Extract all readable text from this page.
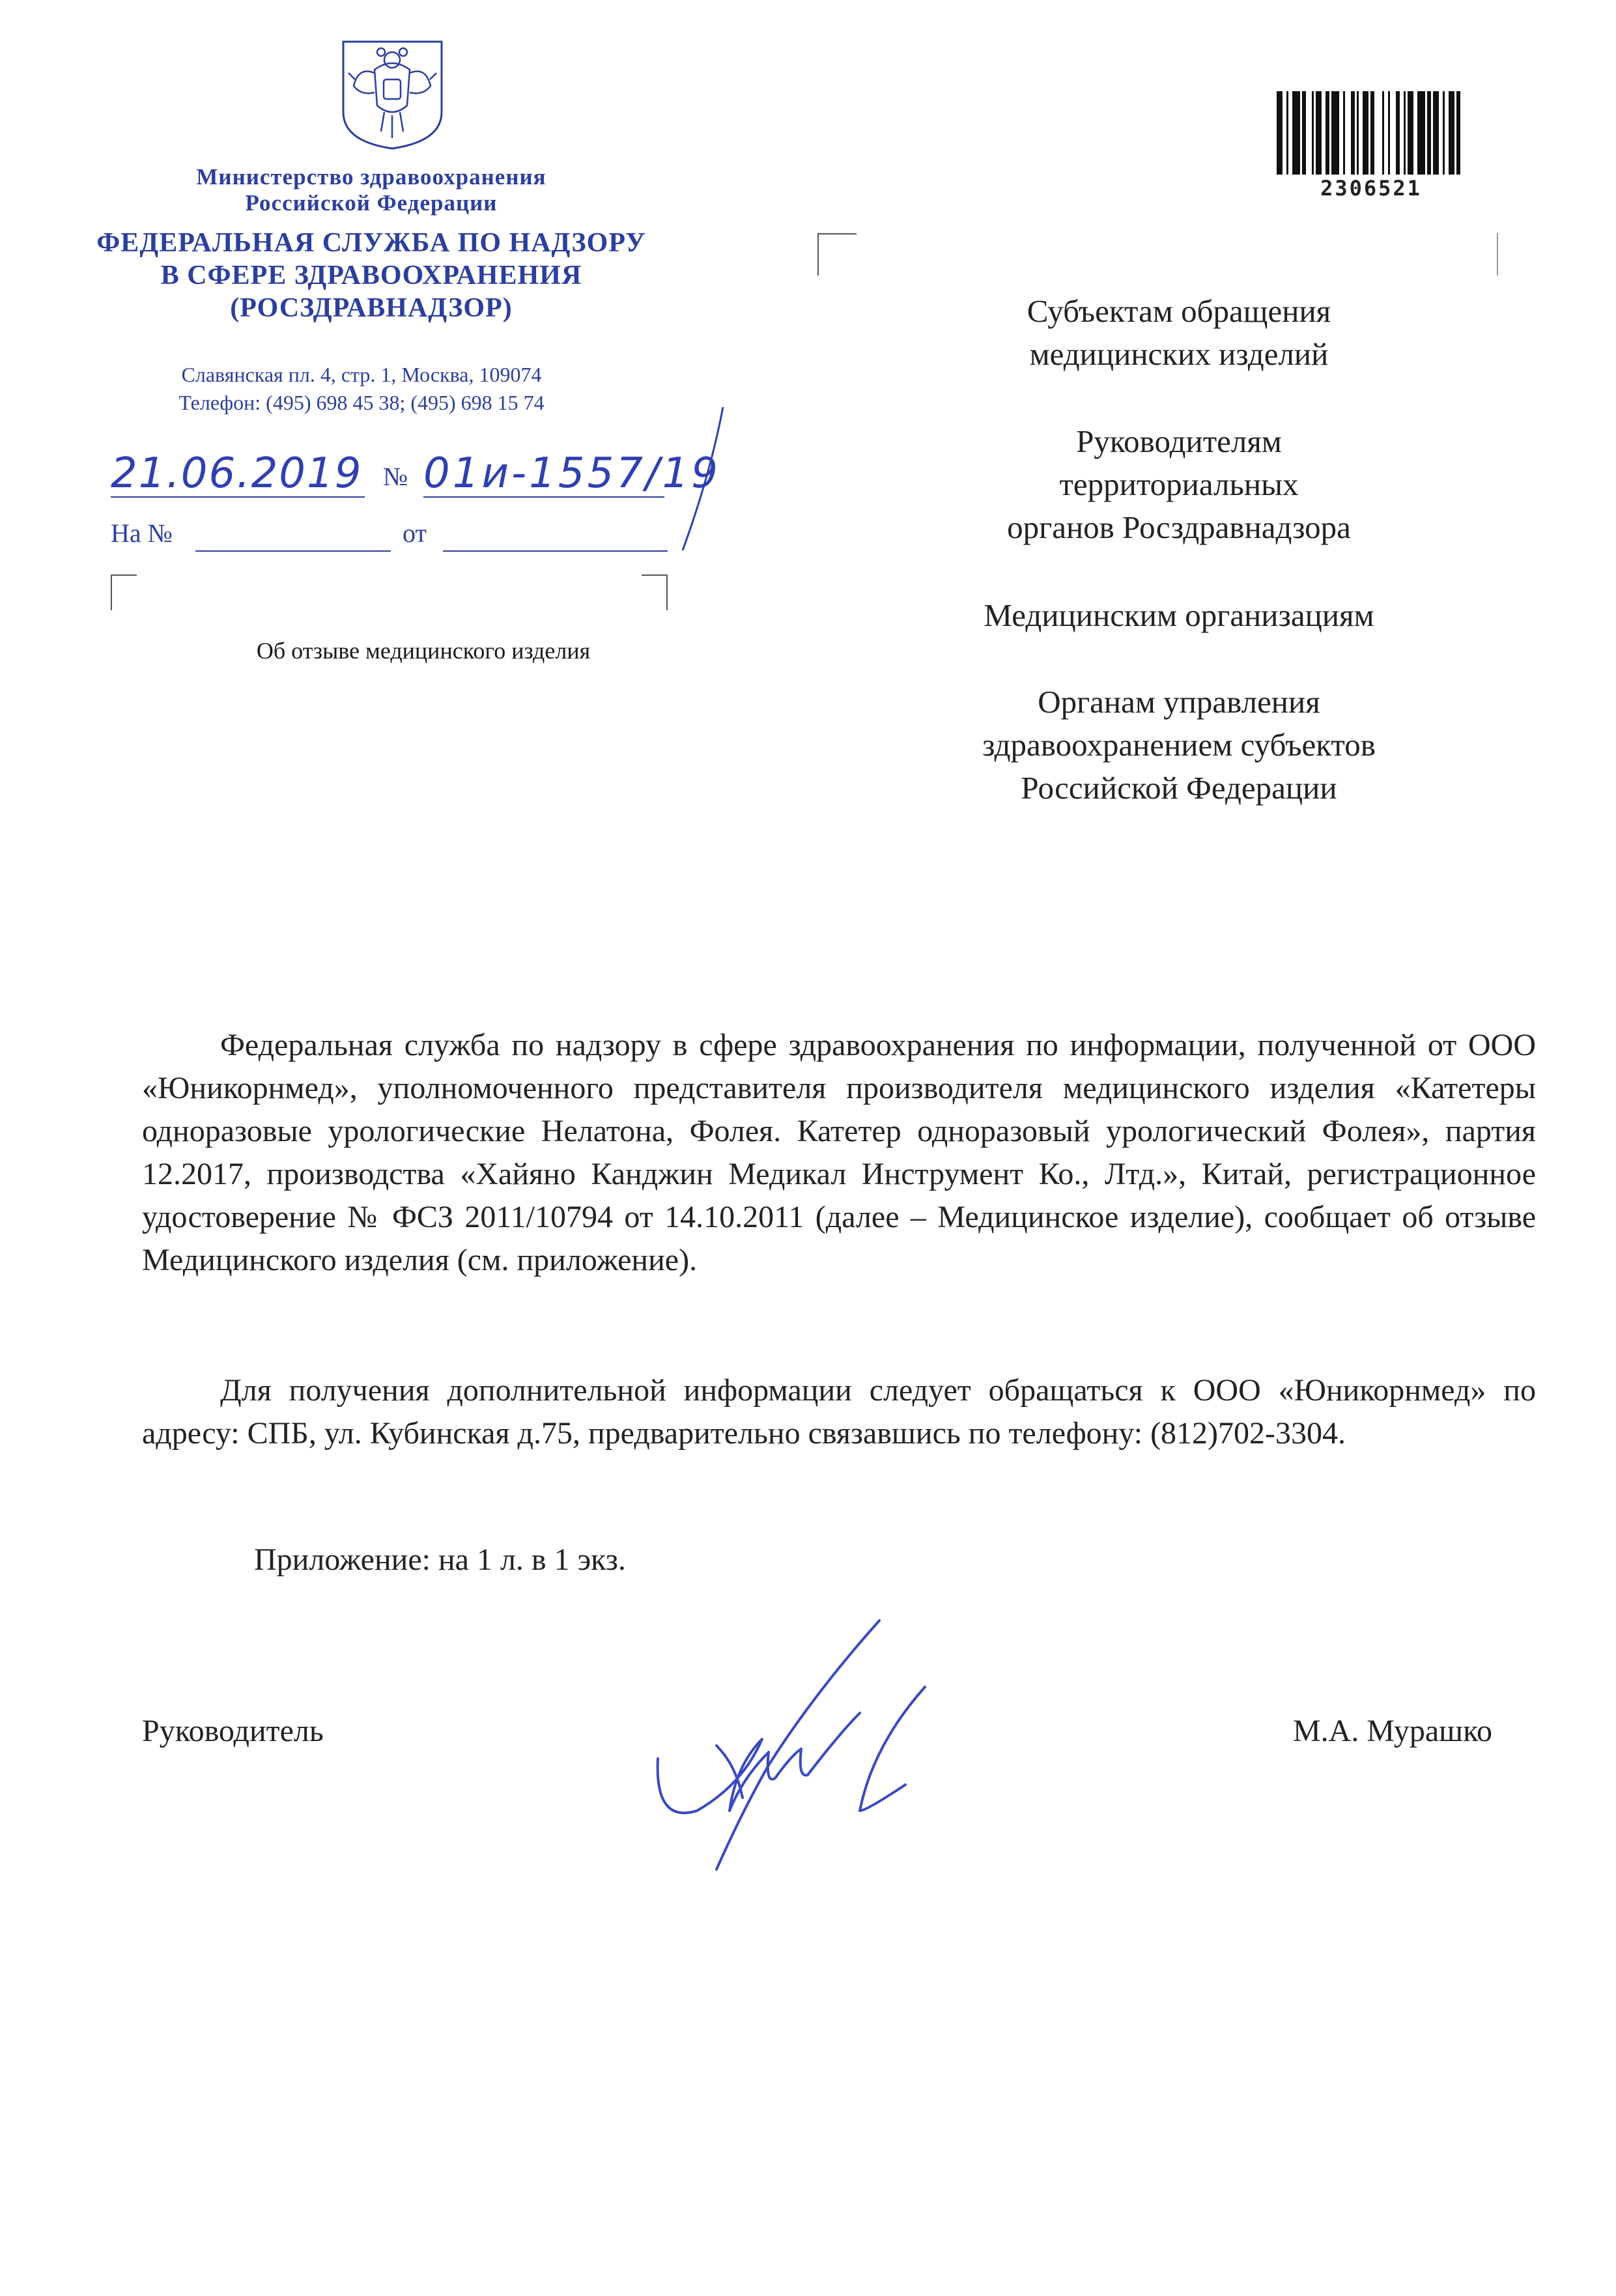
Министерство здравоохранения
Российской Федерации
ФЕДЕРАЛЬНАЯ СЛУЖБА ПО НАДЗОРУ
В СФЕРЕ ЗДРАВООХРАНЕНИЯ
(РОСЗДРАВНАДЗОР)
Славянская пл. 4, стр. 1, Москва, 109074
Телефон: (495) 698 45 38; (495) 698 15 74
21.06.2019 № 01и-1557/19
На №	от
Об отзыве медицинского изделия
2306521
Субъектам обращения
медицинских изделий
Руководителям
территориальных
органов Росздравнадзора
Медицинским организациям
Органам управления
здравоохранением субъектов
Российской Федерации
Федеральная служба по надзору в сфере здравоохранения по информации, полученной от ООО «Юникорнмед», уполномоченного представителя производителя медицинского изделия «Катетеры одноразовые урологические Нелатона, Фолея. Катетер одноразовый урологический Фолея», партия 12.2017, производства «Хайяно Канджин Медикал Инструмент Ко., Лтд.», Китай, регистрационное удостоверение № ФСЗ 2011/10794 от 14.10.2011 (далее – Медицинское изделие), сообщает об отзыве Медицинского изделия (см. приложение).
Для получения дополнительной информации следует обращаться к ООО «Юникорнмед» по адресу: СПБ, ул. Кубинская д.75, предварительно связавшись по телефону: (812)702-3304.
Приложение: на 1 л. в 1 экз.
Руководитель	М.А. Мурашко
